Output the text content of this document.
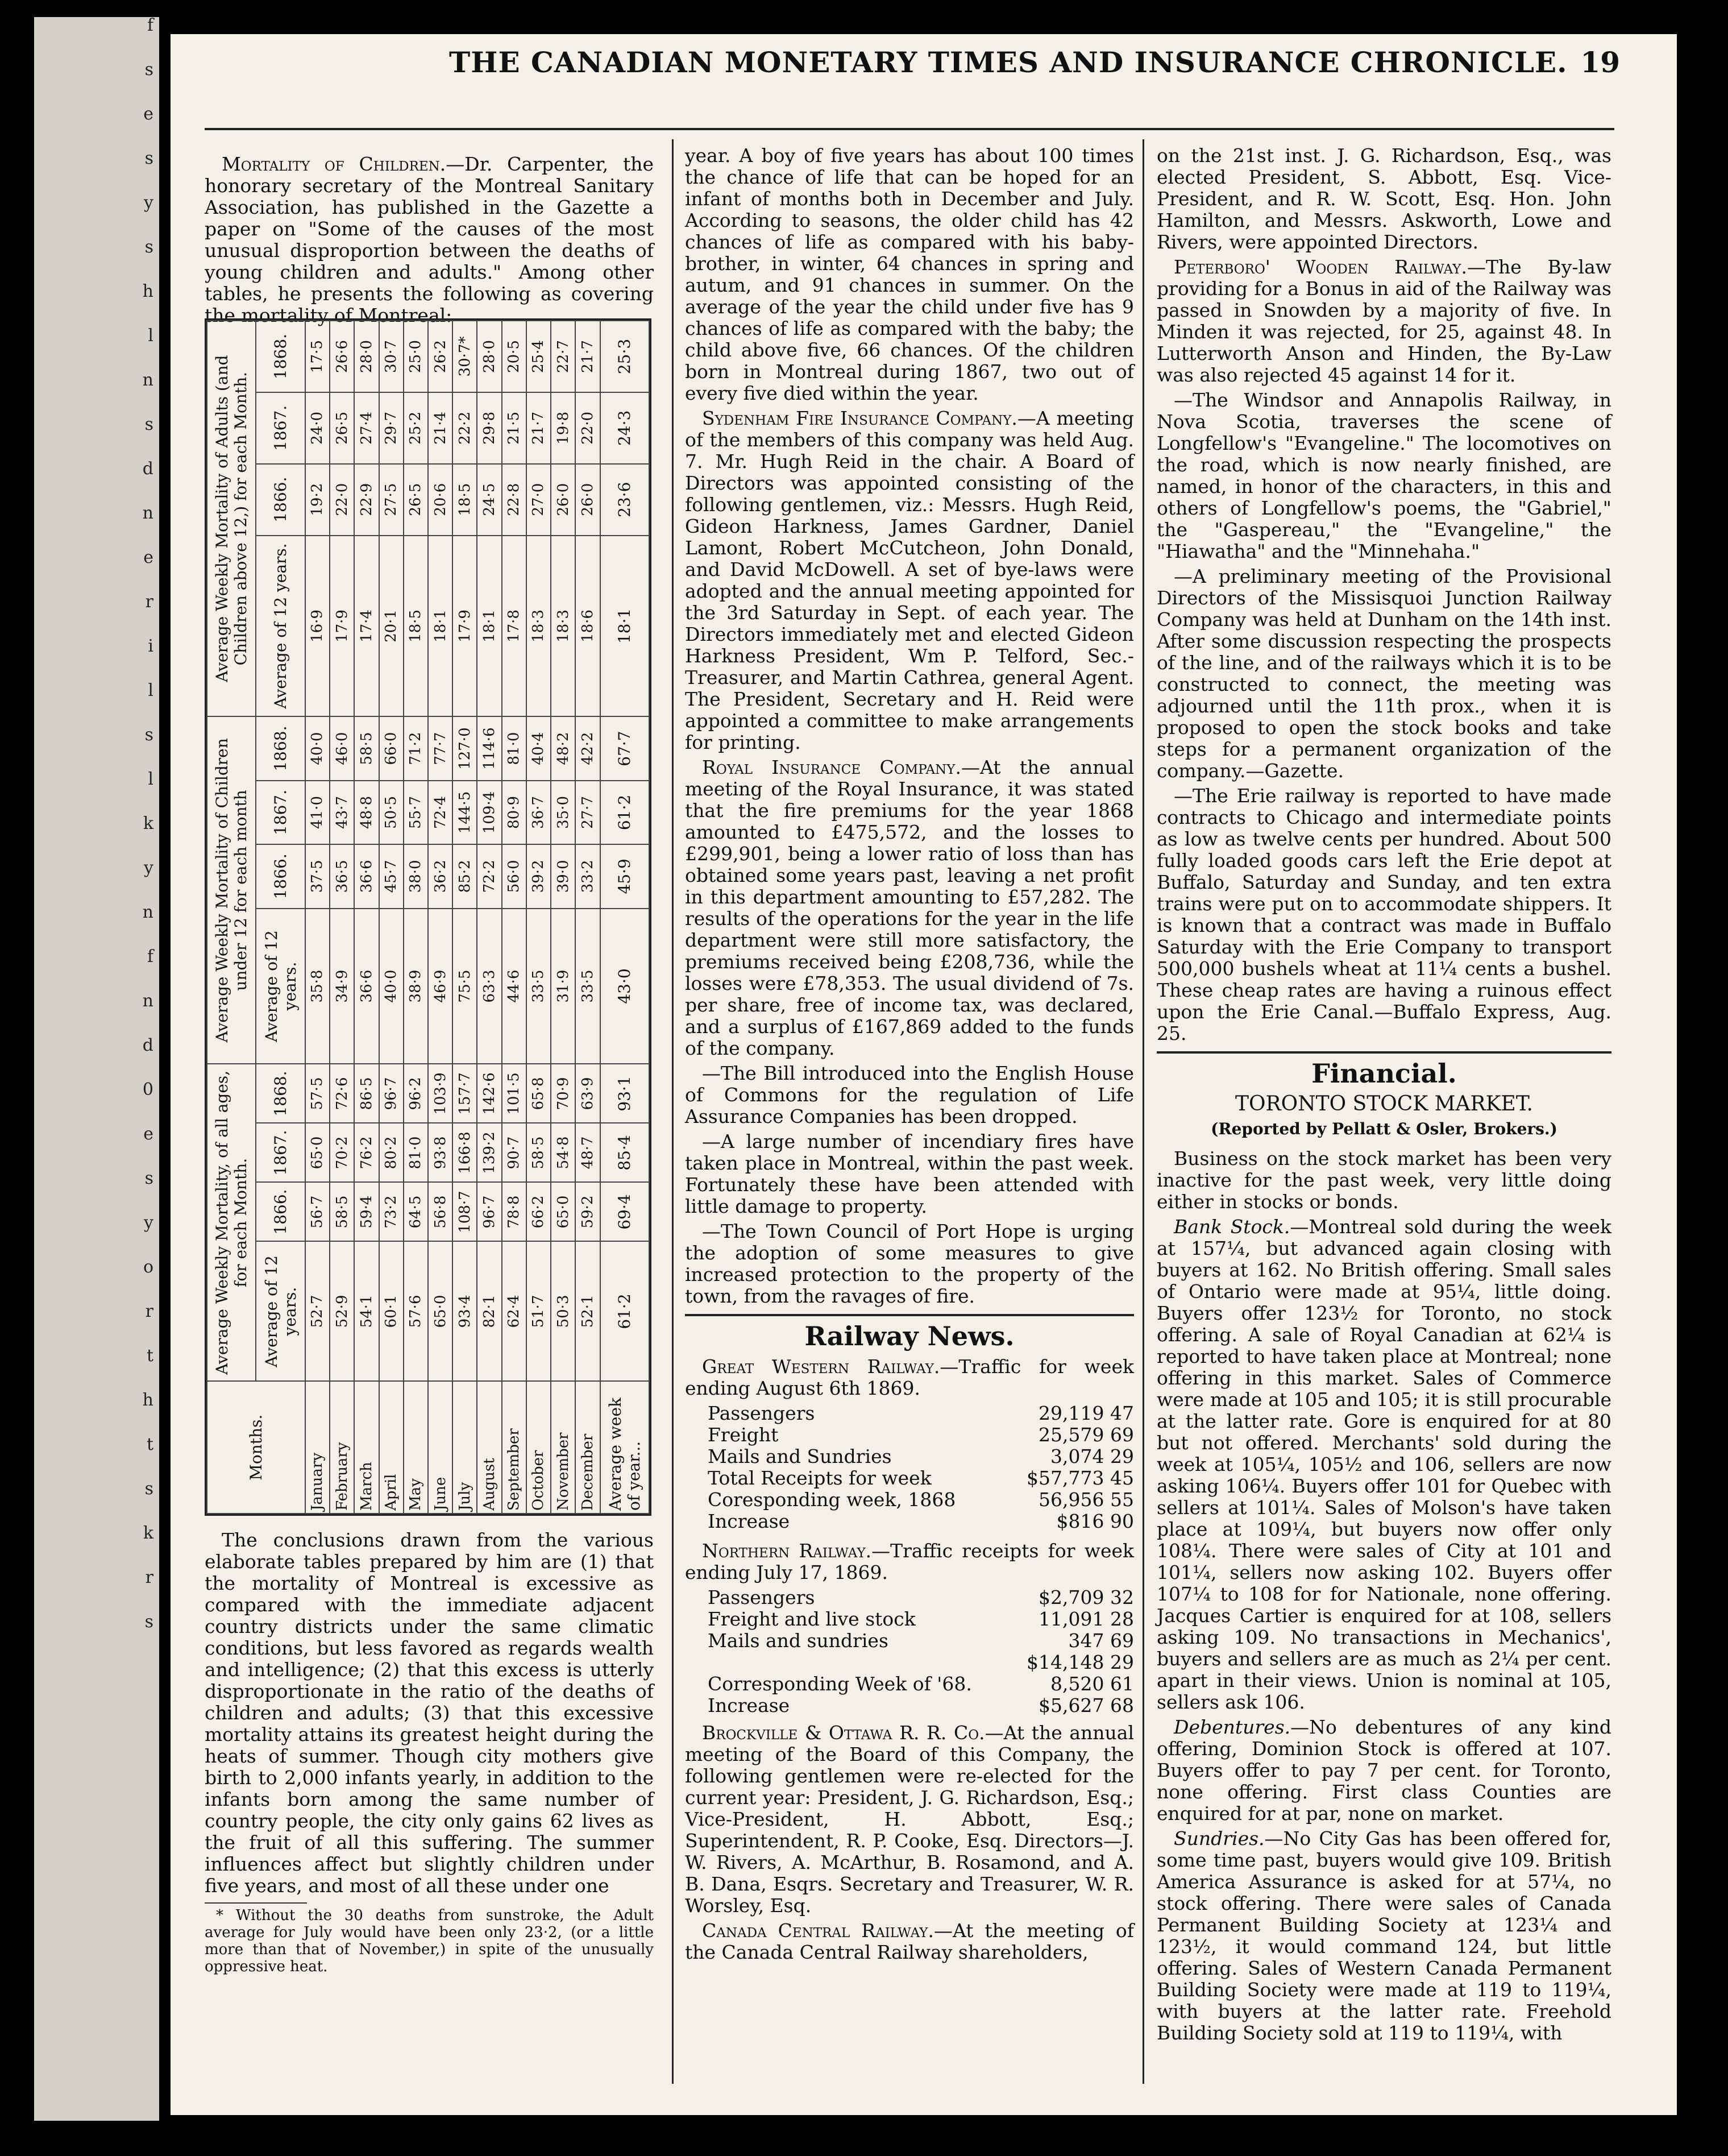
f
s
e
s
y
s
h
l
n
s
d
n
e
r
i
l
s
l
k
y
n
f
n
d
0
e
s
y
o
r
t
h
t
s
k
r
s
THE CANADIAN MONETARY TIMES AND INSURANCE CHRONICLE. 19

Mortality of Children.—Dr. Carpenter, the honorary secretary of the Montreal Sanitary Association, has published in the Gazette a paper on "Some of the causes of the most unusual disproportion between the deaths of young children and adults." Among other tables, he presents the following as covering the mortality of Montreal:

Months.	Average Weekly Mortality, of all ages, for each Month.				Average Weekly Mortality of Children under 12 for each month				Average Weekly Mortality of Adults (and Children above 12,) for each Month.			
	Average of 12 years.	1866.	1867.	1868.	Average of 12 years.	1866.	1867.	1868.	Average of 12 years.	1866.	1867.	1868.
January	52·7	56·7	65·0	57·5	35·8	37·5	41·0	40·0	16·9	19·2	24·0	17·5
February	52·9	58·5	70·2	72·6	34·9	36·5	43·7	46·0	17·9	22·0	26·5	26·6
March	54·1	59·4	76·2	86·5	36·6	36·6	48·8	58·5	17·4	22·9	27·4	28·0
April	60·1	73·2	80·2	96·7	40·0	45·7	50·5	66·0	20·1	27·5	29·7	30·7
May	57·6	64·5	81·0	96·2	38·9	38·0	55·7	71·2	18·5	26·5	25·2	25·0
June	65·0	56·8	93·8	103·9	46·9	36·2	72·4	77·7	18·1	20·6	21·4	26·2
July	93·4	108·7	166·8	157·7	75·5	85·2	144·5	127·0	17·9	18·5	22·2	30·7*
August	82·1	96·7	139·2	142·6	63·3	72·2	109·4	114·6	18·1	24·5	29·8	28·0
September	62·4	78·8	90·7	101·5	44·6	56·0	80·9	81·0	17·8	22·8	21·5	20·5
October	51·7	66·2	58·5	65·8	33·5	39·2	36·7	40·4	18·3	27·0	21·7	25·4
November	50·3	65·0	54·8	70·9	31·9	39·0	35·0	48·2	18·3	26·0	19·8	22·7
December	52·1	59·2	48·7	63·9	33·5	33·2	27·7	42·2	18·6	26·0	22·0	21·7
Average week of year...	61·2	69·4	85·4	93·1	43·0	45·9	61·2	67·7	18·1	23·6	24·3	25·3

The conclusions drawn from the various elaborate tables prepared by him are (1) that the mortality of Montreal is excessive as compared with the immediate adjacent country districts under the same climatic conditions, but less favored as regards wealth and intelligence; (2) that this excess is utterly disproportionate in the ratio of the deaths of children and adults; (3) that this excessive mortality attains its greatest height during the heats of summer. Though city mothers give birth to 2,000 infants yearly, in addition to the infants born among the same number of country people, the city only gains 62 lives as the fruit of all this suffering. The summer influences affect but slightly children under five years, and most of all these under one

* Without the 30 deaths from sunstroke, the Adult average for July would have been only 23·2, (or a little more than that of November,) in spite of the unusually oppressive heat.

year. A boy of five years has about 100 times the chance of life that can be hoped for an infant of months both in December and July. According to seasons, the older child has 42 chances of life as compared with his baby-brother, in winter, 64 chances in spring and autum, and 91 chances in summer. On the average of the year the child under five has 9 chances of life as compared with the baby; the child above five, 66 chances. Of the children born in Montreal during 1867, two out of every five died within the year.

Sydenham Fire Insurance Company.—A meeting of the members of this company was held Aug. 7. Mr. Hugh Reid in the chair. A Board of Directors was appointed consisting of the following gentlemen, viz.: Messrs. Hugh Reid, Gideon Harkness, James Gardner, Daniel Lamont, Robert McCutcheon, John Donald, and David McDowell. A set of bye-laws were adopted and the annual meeting appointed for the 3rd Saturday in Sept. of each year. The Directors immediately met and elected Gideon Harkness President, Wm P. Telford, Sec.-Treasurer, and Martin Cathrea, general Agent. The President, Secretary and H. Reid were appointed a committee to make arrangements for printing.

Royal Insurance Company.—At the annual meeting of the Royal Insurance, it was stated that the fire premiums for the year 1868 amounted to £475,572, and the losses to £299,901, being a lower ratio of loss than has obtained some years past, leaving a net profit in this department amounting to £57,282. The results of the operations for the year in the life department were still more satisfactory, the premiums received being £208,736, while the losses were £78,353. The usual dividend of 7s. per share, free of income tax, was declared, and a surplus of £167,869 added to the funds of the company.

—The Bill introduced into the English House of Commons for the regulation of Life Assurance Companies has been dropped.

—A large number of incendiary fires have taken place in Montreal, within the past week. Fortunately these have been attended with little damage to property.

—The Town Council of Port Hope is urging the adoption of some measures to give increased protection to the property of the town, from the ravages of fire.

Railway News.

Great Western Railway.—Traffic for week ending August 6th 1869.

Passengers	29,119 47
Freight	25,579 69
Mails and Sundries	3,074 29
Total Receipts for week	$57,773 45
Coresponding week, 1868	56,956 55
Increase	$816 90

Northern Railway.—Traffic receipts for week ending July 17, 1869.

Passengers	$2,709 32
Freight and live stock	11,091 28
Mails and sundries	347 69
$14,148 29
Corresponding Week of '68.	8,520 61
Increase	$5,627 68

Brockville & Ottawa R. R. Co.—At the annual meeting of the Board of this Company, the following gentlemen were re-elected for the current year: President, J. G. Richardson, Esq.; Vice-President, H. Abbott, Esq.; Superintendent, R. P. Cooke, Esq. Directors—J. W. Rivers, A. McArthur, B. Rosamond, and A. B. Dana, Esqrs. Secretary and Treasurer, W. R. Worsley, Esq.

Canada Central Railway.—At the meeting of the Canada Central Railway shareholders,

on the 21st inst. J. G. Richardson, Esq., was elected President, S. Abbott, Esq. Vice-President, and R. W. Scott, Esq. Hon. John Hamilton, and Messrs. Askworth, Lowe and Rivers, were appointed Directors.

Peterboro' Wooden Railway.—The By-law providing for a Bonus in aid of the Railway was passed in Snowden by a majority of five. In Minden it was rejected, for 25, against 48. In Lutterworth Anson and Hinden, the By-Law was also rejected 45 against 14 for it.

—The Windsor and Annapolis Railway, in Nova Scotia, traverses the scene of Longfellow's "Evangeline." The locomotives on the road, which is now nearly finished, are named, in honor of the characters, in this and others of Longfellow's poems, the "Gabriel," the "Gaspereau," the "Evangeline," the "Hiawatha" and the "Minnehaha."

—A preliminary meeting of the Provisional Directors of the Missisquoi Junction Railway Company was held at Dunham on the 14th inst. After some discussion respecting the prospects of the line, and of the railways which it is to be constructed to connect, the meeting was adjourned until the 11th prox., when it is proposed to open the stock books and take steps for a permanent organization of the company.—Gazette.

—The Erie railway is reported to have made contracts to Chicago and intermediate points as low as twelve cents per hundred. About 500 fully loaded goods cars left the Erie depot at Buffalo, Saturday and Sunday, and ten extra trains were put on to accommodate shippers. It is known that a contract was made in Buffalo Saturday with the Erie Company to transport 500,000 bushels wheat at 11¼ cents a bushel. These cheap rates are having a ruinous effect upon the Erie Canal.—Buffalo Express, Aug. 25.

Financial.
TORONTO STOCK MARKET.
(Reported by Pellatt & Osler, Brokers.)

Business on the stock market has been very inactive for the past week, very little doing either in stocks or bonds.

Bank Stock.—Montreal sold during the week at 157¼, but advanced again closing with buyers at 162. No British offering. Small sales of Ontario were made at 95¼, little doing. Buyers offer 123½ for Toronto, no stock offering. A sale of Royal Canadian at 62¼ is reported to have taken place at Montreal; none offering in this market. Sales of Commerce were made at 105 and 105; it is still procurable at the latter rate. Gore is enquired for at 80 but not offered. Merchants' sold during the week at 105¼, 105½ and 106, sellers are now asking 106¼. Buyers offer 101 for Quebec with sellers at 101¼. Sales of Molson's have taken place at 109¼, but buyers now offer only 108¼. There were sales of City at 101 and 101¼, sellers now asking 102. Buyers offer 107¼ to 108 for for Nationale, none offering. Jacques Cartier is enquired for at 108, sellers asking 109. No transactions in Mechanics', buyers and sellers are as much as 2¼ per cent. apart in their views. Union is nominal at 105, sellers ask 106.

Debentures.—No debentures of any kind offering, Dominion Stock is offered at 107. Buyers offer to pay 7 per cent. for Toronto, none offering. First class Counties are enquired for at par, none on market.

Sundries.—No City Gas has been offered for, some time past, buyers would give 109. British America Assurance is asked for at 57¼, no stock offering. There were sales of Canada Permanent Building Society at 123¼ and 123½, it would command 124, but little offering. Sales of Western Canada Permanent Building Society were made at 119 to 119¼, with buyers at the latter rate. Freehold Building Society sold at 119 to 119¼, with
